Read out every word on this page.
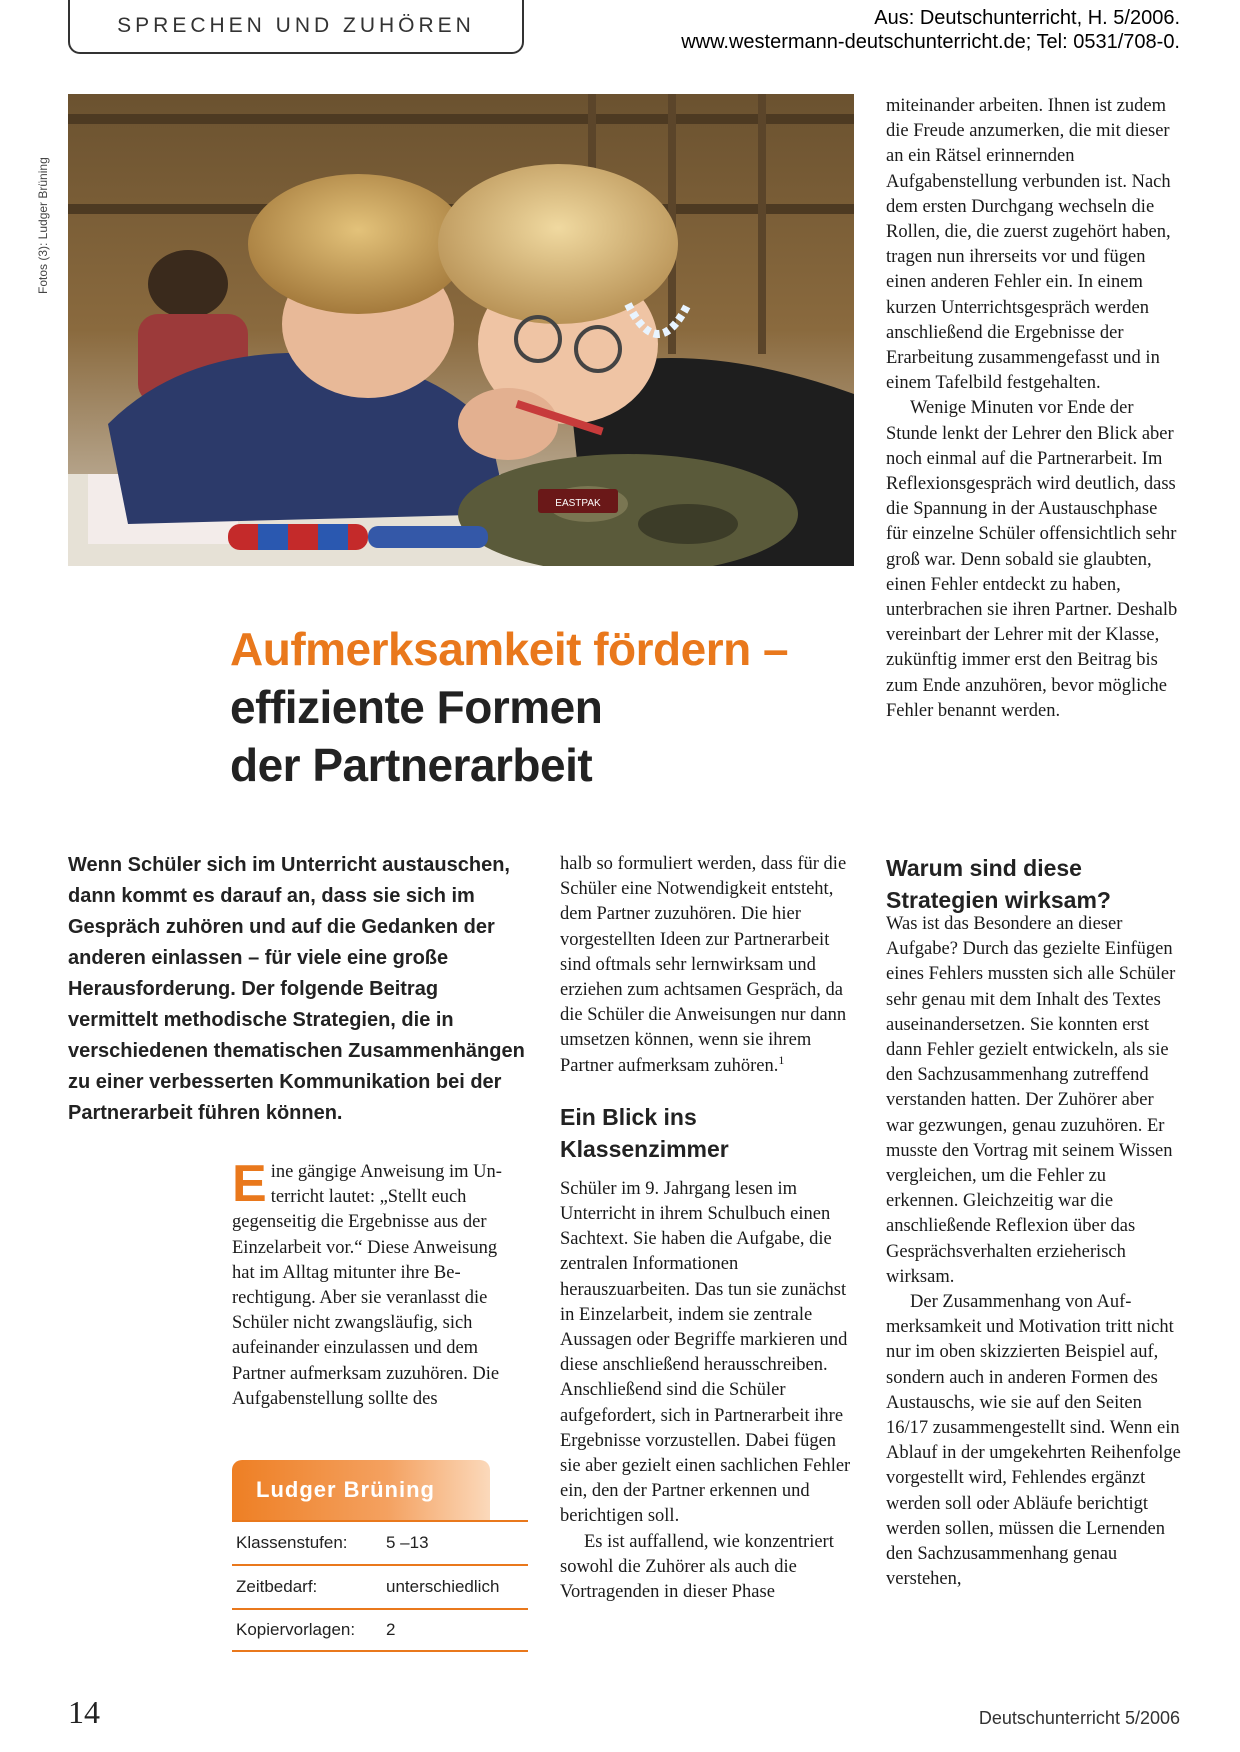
SPRECHEN UND ZUHÖREN	Aus: Deutschunterricht, H. 5/2006.
www.westermann-deutschunterricht.de; Tel: 0531/708-0.
Fotos (3): Ludger Brüning
EASTPAK
Aufmerksamkeit fördern –
effiziente Formen
der Partnerarbeit

Wenn Schüler sich im Unterricht austauschen, dann kommt es darauf an, dass sie sich im Gespräch zuhören und auf die Gedanken der anderen einlassen – für viele eine große Herausforderung. Der folgende Beitrag vermittelt methodische Strategien, die in verschiedenen thematischen Zusammenhängen zu einer verbesserten Kommunikation bei der Partnerarbeit führen können.

Eine gängige Anweisung im Unterricht lautet: „Stellt euch gegenseitig die Ergebnisse aus der Einzelarbeit vor.“ Diese Anweisung hat im Alltag mitunter ihre Berechtigung. Aber sie veranlasst die Schüler nicht zwangsläufig, sich aufeinander einzulassen und dem Partner aufmerksam zuzuhören. Die Aufgabenstellung sollte des

Ludger Brüning
Klassenstufen:	5 –13
Zeitbedarf:	unterschiedlich
Kopiervorlagen:	2

halb so formuliert werden, dass für die Schüler eine Notwendigkeit entsteht, dem Partner zuzuhören. Die hier vorgestellten Ideen zur Partnerarbeit sind oftmals sehr lernwirksam und erziehen zum achtsamen Gespräch, da die Schüler die Anweisungen nur dann umsetzen können, wenn sie ihrem Partner aufmerksam zuhören.$^1$

Ein Blick ins Klassenzimmer

Schüler im 9. Jahrgang lesen im Unterricht in ihrem Schulbuch einen Sachtext. Sie haben die Aufgabe, die zentralen Informationen herauszuarbeiten. Das tun sie zunächst in Einzelarbeit, indem sie zentrale Aussagen oder Begriffe markieren und diese anschließend herausschreiben. Anschließend sind die Schüler aufgefordert, sich in Partnerarbeit ihre Ergebnisse vorzustellen. Dabei fügen sie aber gezielt einen sachlichen Fehler ein, den der Partner erkennen und berichtigen soll.

Es ist auffallend, wie konzentriert sowohl die Zuhörer als auch die Vortragenden in dieser Phase

miteinander arbeiten. Ihnen ist zudem die Freude anzumerken, die mit dieser an ein Rätsel erinnernden Aufgabenstellung verbunden ist. Nach dem ersten Durchgang wechseln die Rollen, die, die zuerst zugehört haben, tragen nun ihrerseits vor und fügen einen anderen Fehler ein. In einem kurzen Unterrichtsgespräch werden anschließend die Ergebnisse der Erarbeitung zusammengefasst und in einem Tafelbild festgehalten.

Wenige Minuten vor Ende der Stunde lenkt der Lehrer den Blick aber noch einmal auf die Partnerarbeit. Im Reflexionsgespräch wird deutlich, dass die Spannung in der Austauschphase für einzelne Schüler offensichtlich sehr groß war. Denn sobald sie glaubten, einen Fehler entdeckt zu haben, unterbrachen sie ihren Partner. Deshalb vereinbart der Lehrer mit der Klasse, zukünftig immer erst den Beitrag bis zum Ende anzuhören, bevor mögliche Fehler benannt werden.

Warum sind diese Strategien wirksam?

Was ist das Besondere an dieser Aufgabe? Durch das gezielte Einfügen eines Fehlers mussten sich alle Schüler sehr genau mit dem Inhalt des Textes auseinandersetzen. Sie konnten erst dann Fehler gezielt entwickeln, als sie den Sachzusammenhang zutreffend verstanden hatten. Der Zuhörer aber war gezwungen, genau zuzuhören. Er musste den Vortrag mit seinem Wissen vergleichen, um die Fehler zu erkennen. Gleichzeitig war die anschließende Reflexion über das Gesprächsverhalten erzieherisch wirksam.

Der Zusammenhang von Aufmerksamkeit und Motivation tritt nicht nur im oben skizzierten Beispiel auf, sondern auch in anderen Formen des Austauschs, wie sie auf den Seiten 16/17 zusammengestellt sind. Wenn ein Ablauf in der umgekehrten Reihenfolge vorgestellt wird, Fehlendes ergänzt werden soll oder Abläufe berichtigt werden sollen, müssen die Lernenden den Sachzusammenhang genau verstehen,

14	Deutschunterricht 5/2006
